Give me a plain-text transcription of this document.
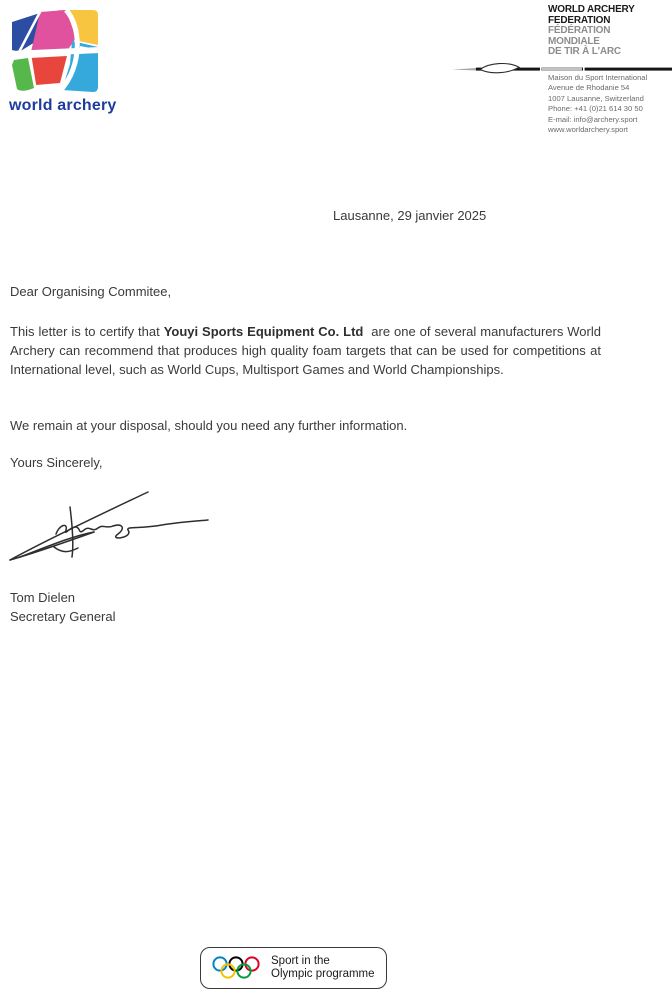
world archery
WORLD ARCHERY
FEDERATION
FÉDÉRATION
MONDIALE
DE TIR À L'ARC
Maison du Sport International
Avenue de Rhodanie 54
1007 Lausanne, Switzerland
Phone: +41 (0)21 614 30 50
E-mail: info@archery.sport
www.worldarchery.sport
Lausanne, 29 janvier 2025
Dear Organising Commitee,
This letter is to certify that Youyi Sports Equipment Co. Ltd  are one of several manufacturers World Archery can recommend that produces high quality foam targets that can be used for competitions at International level, such as World Cups, Multisport Games and World Championships.
We remain at your disposal, should you need any further information.
Yours Sincerely,
Tom Dielen
Secretary General
Sport in the
Olympic programme
